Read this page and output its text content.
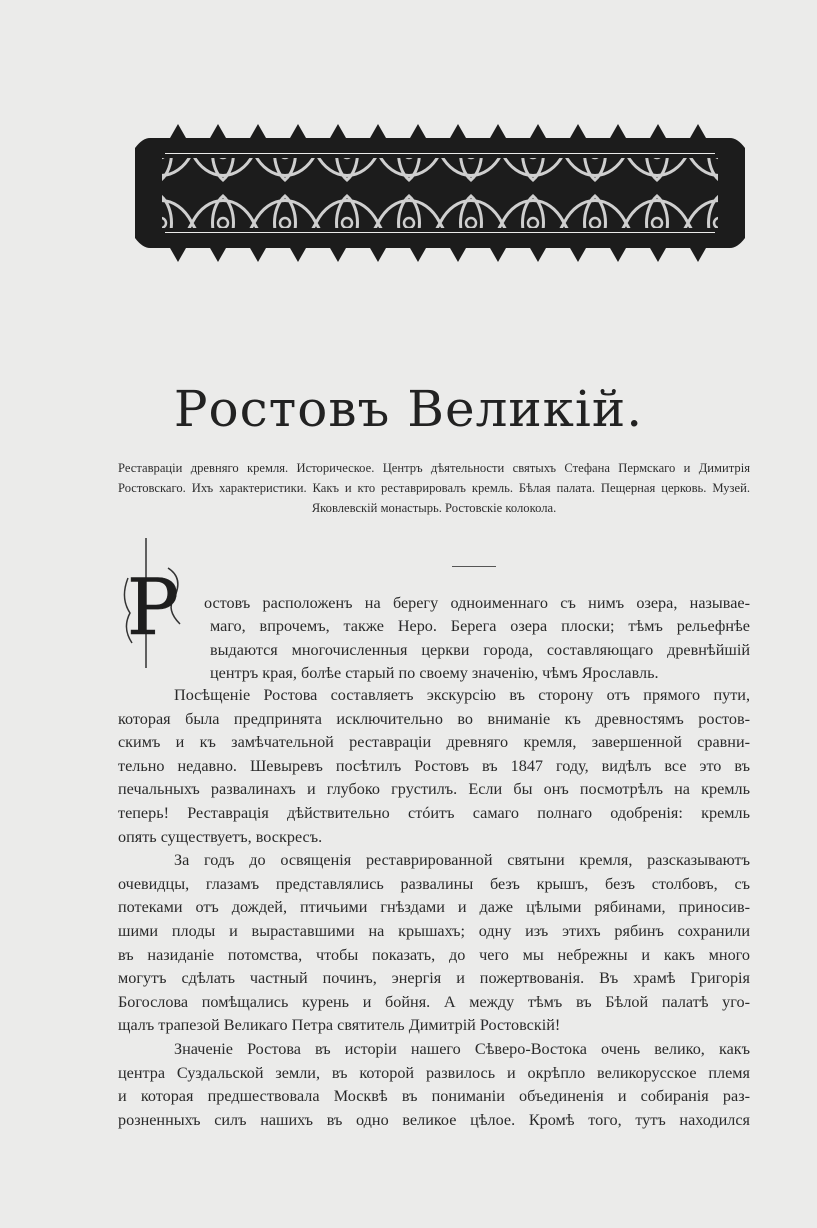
Ростовъ Великій.
Реставраціи древняго кремля. Историческое. Центръ дѣятельности святыхъ Стефана Пермскаго и Димитрія Ростовскаго. Ихъ характеристики. Какъ и кто реставрировалъ кремль. Бѣлая палата. Пещерная церковь. Музей. Яковлевскій монастырь. Ростовскіе колокола.
Р остовъ расположенъ на берегу одноименнаго съ нимъ озера, называе-
маго, впрочемъ, также Неро. Берега озера плоски; тѣмъ рельефнѣе
выдаются многочисленныя церкви города, составляющаго древнѣйшій
центръ края, болѣе старый по своему значенію, чѣмъ Ярославль.
Посѣщеніе Ростова составляетъ экскурсію въ сторону отъ прямого пути,
которая была предпринята исключительно во вниманіе къ древностямъ ростов-
скимъ и къ замѣчательной реставраціи древняго кремля, завершенной сравни-
тельно недавно. Шевыревъ посѣтилъ Ростовъ въ 1847 году, видѣлъ все это въ
печальныхъ развалинахъ и глубоко грустилъ. Если бы онъ посмотрѣлъ на кремль
теперь! Реставрація дѣйствительно стóитъ самаго полнаго одобренія: кремль
опять существуетъ, воскресъ.
За годъ до освященія реставрированной святыни кремля, разсказываютъ
очевидцы, глазамъ представлялись развалины безъ крышъ, безъ столбовъ, съ
потеками отъ дождей, птичьими гнѣздами и даже цѣлыми рябинами, приносив-
шими плоды и выраставшими на крышахъ; одну изъ этихъ рябинъ сохранили
въ назиданіе потомства, чтобы показать, до чего мы небрежны и какъ много
могутъ сдѣлать частный починъ, энергія и пожертвованія. Въ храмѣ Григорія
Богослова помѣщались курень и бойня. А между тѣмъ въ Бѣлой палатѣ уго-
щалъ трапезой Великаго Петра святитель Димитрій Ростовскій!
Значеніе Ростова въ исторіи нашего Сѣверо-Востока очень велико, какъ
центра Суздальской земли, въ которой развилось и окрѣпло великорусское племя
и которая предшествовала Москвѣ въ пониманіи объединенія и собиранія раз-
розненныхъ силъ нашихъ въ одно великое цѣлое. Кромѣ того, тутъ находился
